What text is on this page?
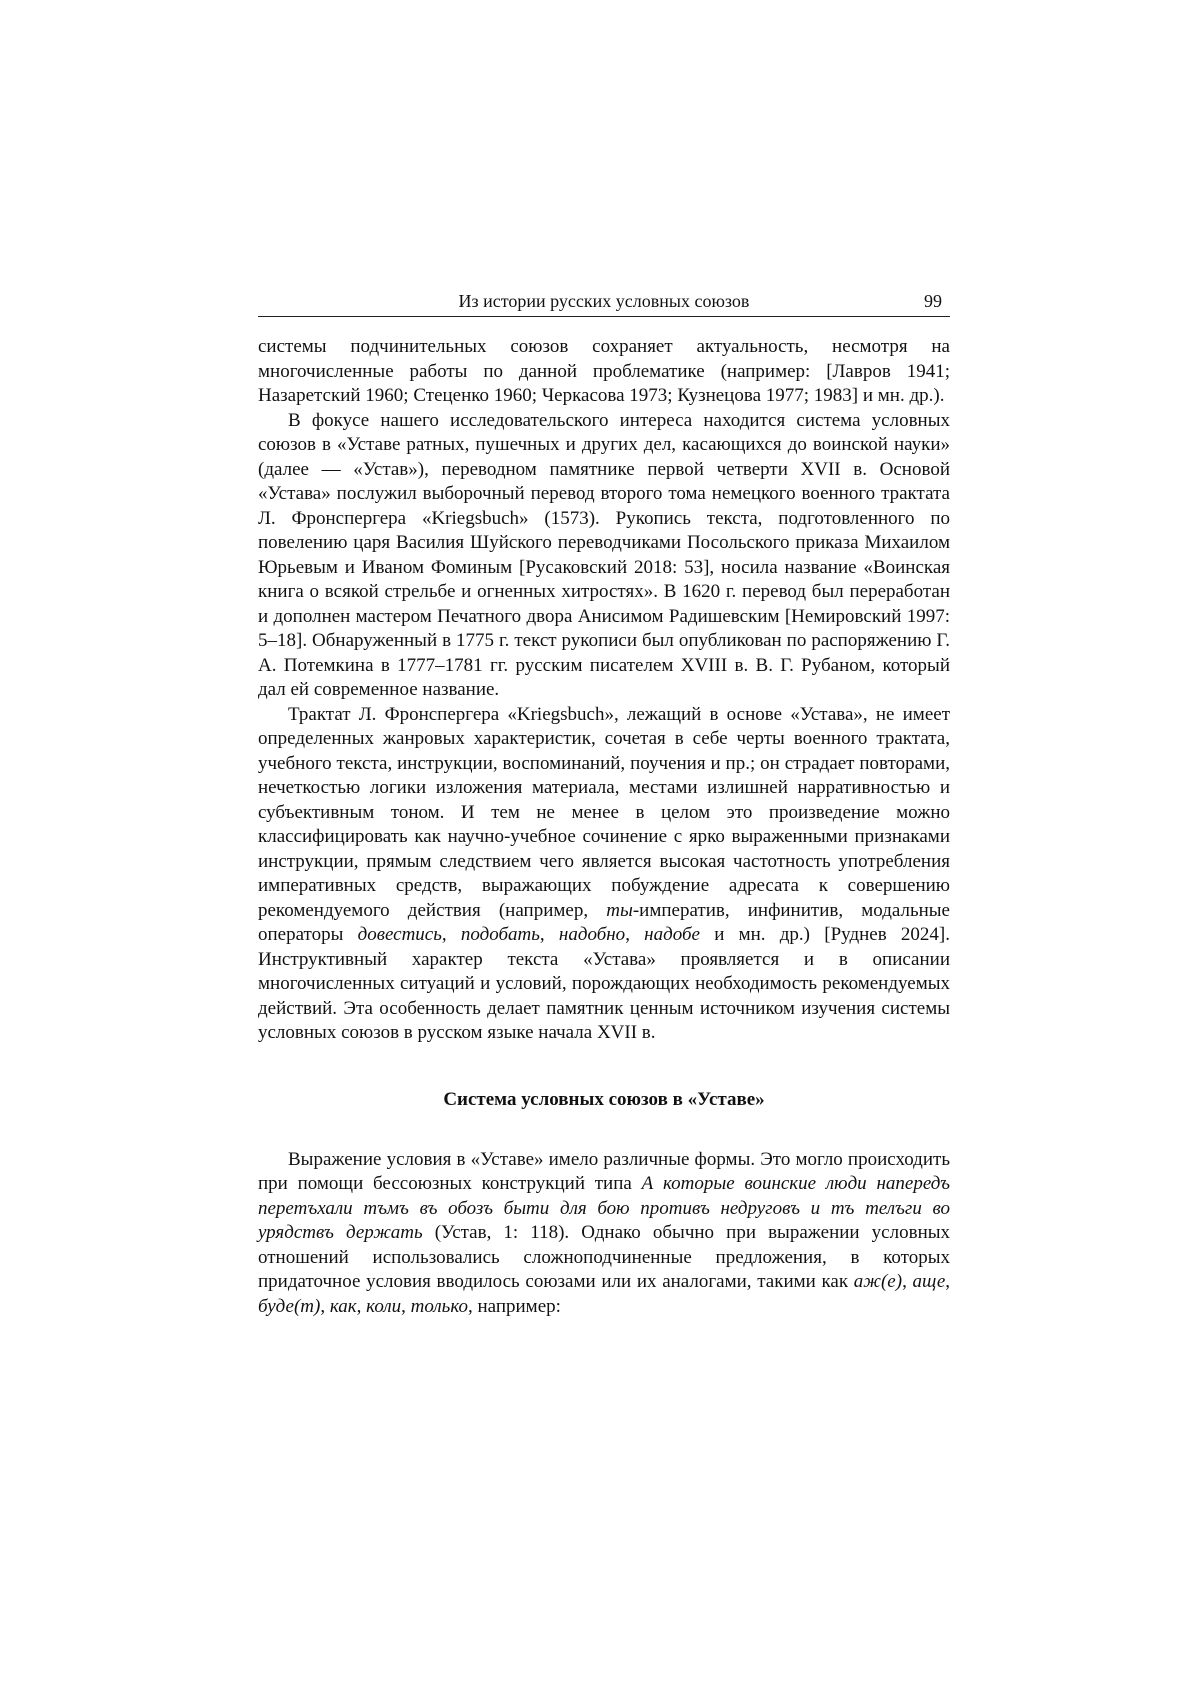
Из истории русских условных союзов	99

системы подчинительных союзов сохраняет актуальность, несмотря на многочисленные работы по данной проблематике (например: [Лавров 1941; Назаретский 1960; Стеценко 1960; Черкасова 1973; Кузнецова 1977; 1983] и мн. др.).

В фокусе нашего исследовательского интереса находится система условных союзов в «Уставе ратных, пушечных и других дел, касающихся до воинской науки» (далее — «Устав»), переводном памятнике первой четверти XVII в. Основой «Устава» послужил выборочный перевод второго тома немецкого военного трактата Л. Фронспергера «Kriegsbuch» (1573). Рукопись текста, подготовленного по повелению царя Василия Шуйского переводчиками Посольского приказа Михаилом Юрьевым и Иваном Фоминым [Русаковский 2018: 53], носила название «Воинская книга о всякой стрельбе и огненных хитростях». В 1620 г. перевод был переработан и дополнен мастером Печатного двора Анисимом Радишевским [Немировский 1997: 5–18]. Обнаруженный в 1775 г. текст рукописи был опубликован по распоряжению Г. А. Потемкина в 1777–1781 гг. русским писателем XVIII в. В. Г. Рубаном, который дал ей современное название.

Трактат Л. Фронспергера «Kriegsbuch», лежащий в основе «Устава», не имеет определенных жанровых характеристик, сочетая в себе черты военного трактата, учебного текста, инструкции, воспоминаний, поучения и пр.; он страдает повторами, нечеткостью логики изложения материала, местами излишней нарративностью и субъективным тоном. И тем не менее в целом это произведение можно классифицировать как научно-учебное сочинение с ярко выраженными признаками инструкции, прямым следствием чего является высокая частотность употребления императивных средств, выражающих побуждение адресата к совершению рекомендуемого действия (например, ты-императив, инфинитив, модальные операторы довестись, подобать, надобно, надобе и мн. др.) [Руднев 2024]. Инструктивный характер текста «Устава» проявляется и в описании многочисленных ситуаций и условий, порождающих необходимость рекомендуемых действий. Эта особенность делает памятник ценным источником изучения системы условных союзов в русском языке начала XVII в.

Система условных союзов в «Уставе»

Выражение условия в «Уставе» имело различные формы. Это могло происходить при помощи бессоюзных конструкций типа А которые воинские люди напередъ перетъхали тъмъ въ обозъ быти для бою противъ недруговъ и тъ телъги во урядствъ держать (Устав, 1: 118). Однако обычно при выражении условных отношений использовались сложноподчиненные предложения, в которых придаточное условия вводилось союзами или их аналогами, такими как аж(е), аще, буде(т), как, коли, только, например:
